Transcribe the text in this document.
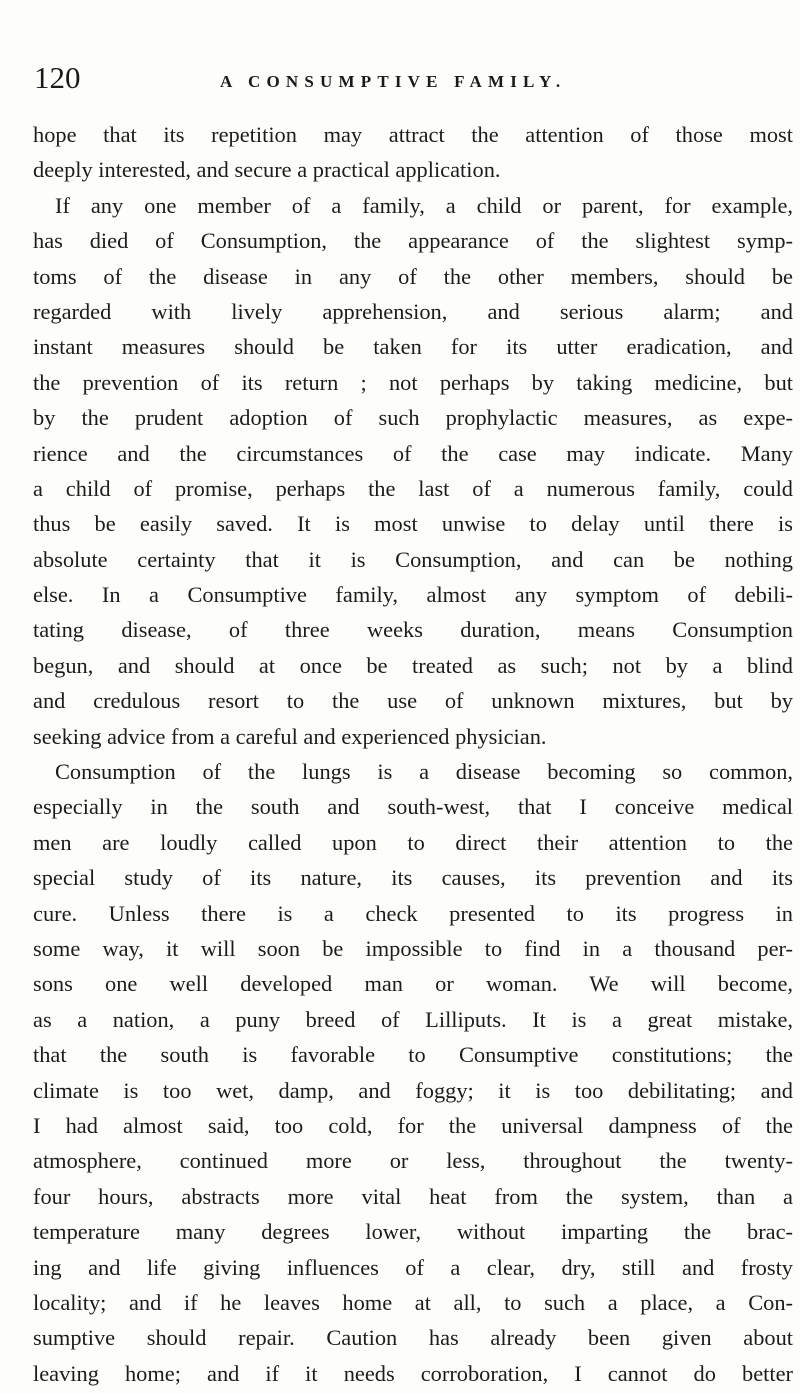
120	A CONSUMPTIVE FAMILY.
hope that its repetition may attract the attention of those most
deeply interested, and secure a practical application.
If any one member of a family, a child or parent, for example,
has died of Consumption, the appearance of the slightest symp-
toms of the disease in any of the other members, should be
regarded with lively apprehension, and serious alarm; and
instant measures should be taken for its utter eradication, and
the prevention of its return ; not perhaps by taking medicine, but
by the prudent adoption of such prophylactic measures, as expe-
rience and the circumstances of the case may indicate. Many
a child of promise, perhaps the last of a numerous family, could
thus be easily saved. It is most unwise to delay until there is
absolute certainty that it is Consumption, and can be nothing
else. In a Consumptive family, almost any symptom of debili-
tating disease, of three weeks duration, means Consumption
begun, and should at once be treated as such; not by a blind
and credulous resort to the use of unknown mixtures, but by
seeking advice from a careful and experienced physician.
Consumption of the lungs is a disease becoming so common,
especially in the south and south-west, that I conceive medical
men are loudly called upon to direct their attention to the
special study of its nature, its causes, its prevention and its
cure. Unless there is a check presented to its progress in
some way, it will soon be impossible to find in a thousand per-
sons one well developed man or woman. We will become,
as a nation, a puny breed of Lilliputs. It is a great mistake,
that the south is favorable to Consumptive constitutions; the
climate is too wet, damp, and foggy; it is too debilitating; and
I had almost said, too cold, for the universal dampness of the
atmosphere, continued more or less, throughout the twenty-
four hours, abstracts more vital heat from the system, than a
temperature many degrees lower, without imparting the brac-
ing and life giving influences of a clear, dry, still and frosty
locality; and if he leaves home at all, to such a place, a Con-
sumptive should repair. Caution has already been given about
leaving home; and if it needs corroboration, I cannot do better
